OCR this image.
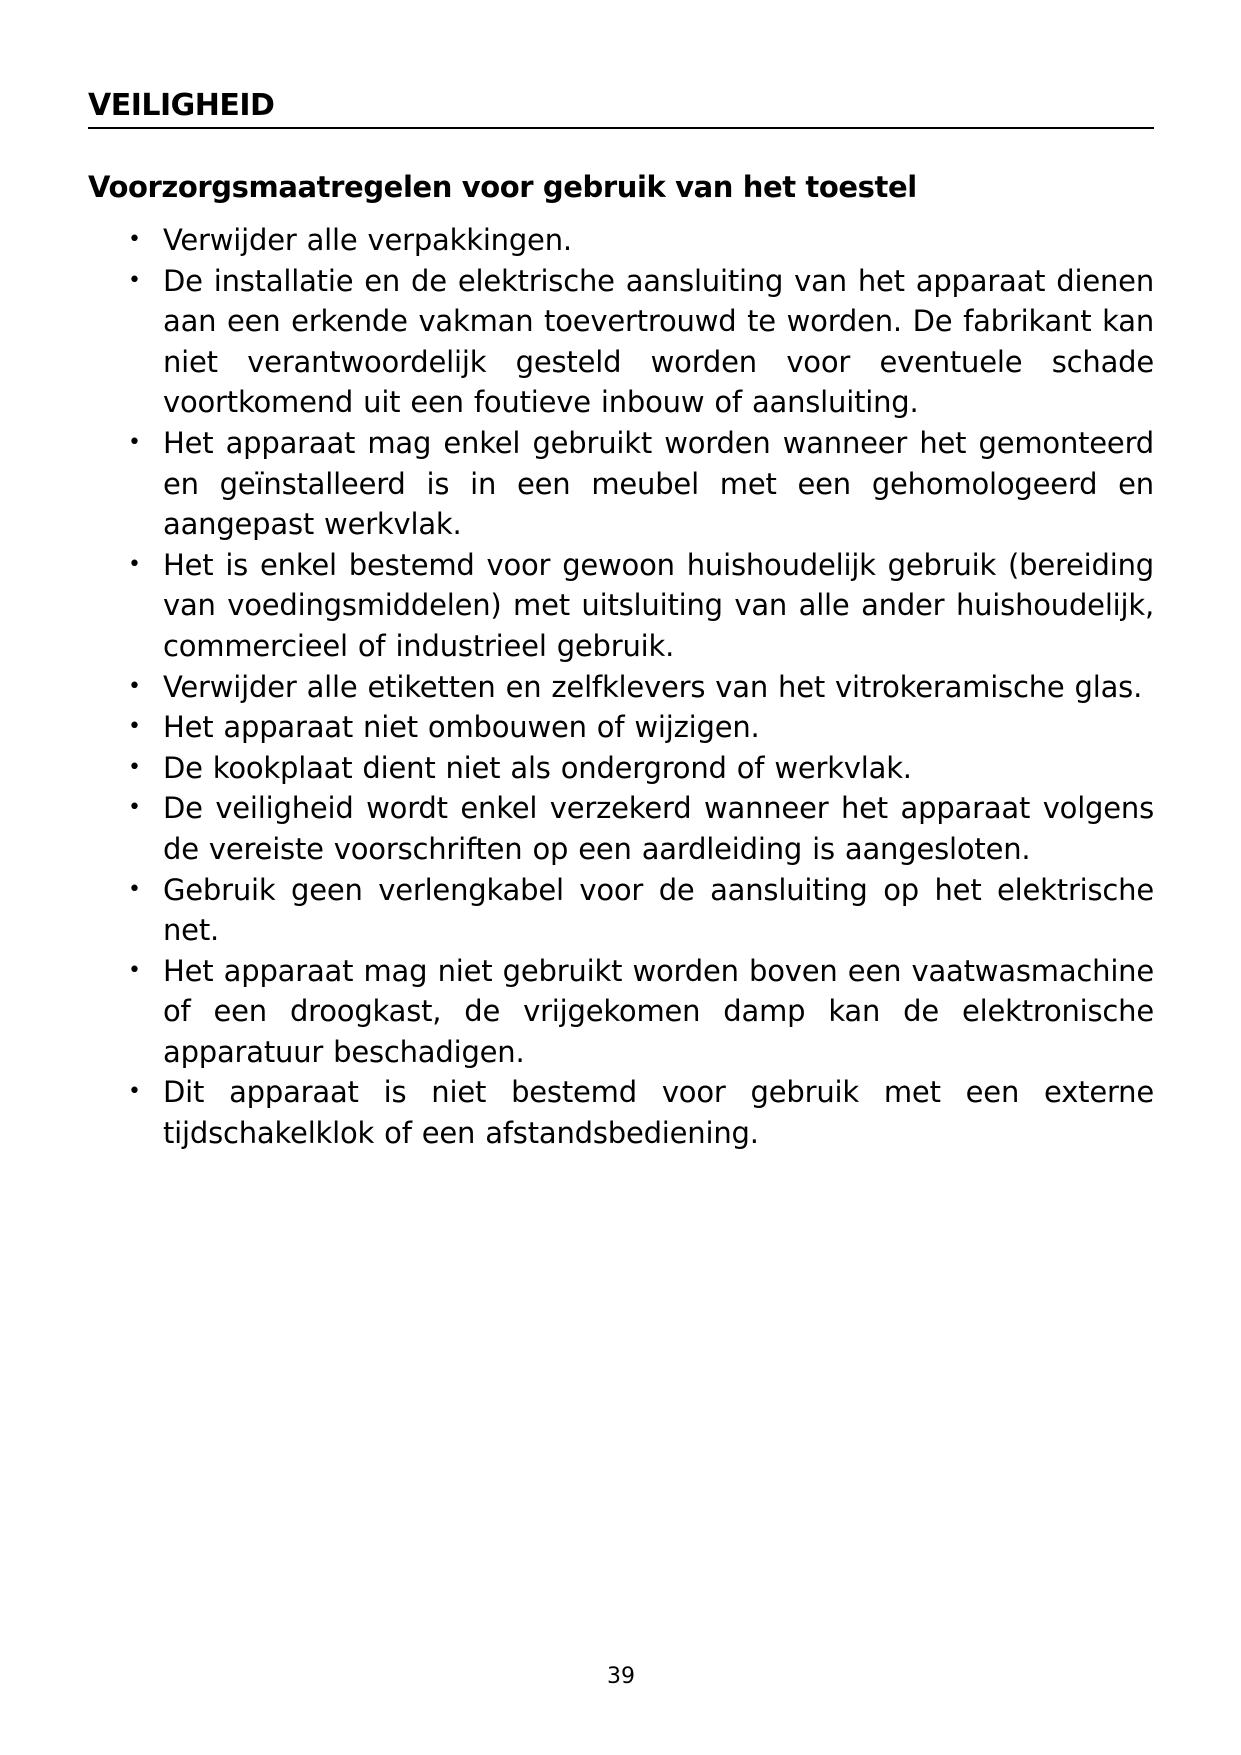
VEILIGHEID
Voorzorgsmaatregelen voor gebruik van het toestel
• Verwijder alle verpakkingen.
• De installatie en de elektrische aansluiting van het apparaat dienen aan een erkende vakman toevertrouwd te worden. De fabrikant kan niet verantwoordelijk gesteld worden voor eventuele schade voortkomend uit een foutieve inbouw of aansluiting.
• Het apparaat mag enkel gebruikt worden wanneer het gemonteerd en geïnstalleerd is in een meubel met een gehomologeerd en aangepast werkvlak.
• Het is enkel bestemd voor gewoon huishoudelijk gebruik (bereiding van voedingsmiddelen) met uitsluiting van alle ander huishoudelijk, commercieel of industrieel gebruik.
• Verwijder alle etiketten en zelfklevers van het vitrokeramische glas.
• Het apparaat niet ombouwen of wijzigen.
• De kookplaat dient niet als ondergrond of werkvlak.
• De veiligheid wordt enkel verzekerd wanneer het apparaat volgens de vereiste voorschriften op een aardleiding is aangesloten.
• Gebruik geen verlengkabel voor de aansluiting op het elektrische net.
• Het apparaat mag niet gebruikt worden boven een vaatwasmachine of een droogkast, de vrijgekomen damp kan de elektronische apparatuur beschadigen.
• Dit apparaat is niet bestemd voor gebruik met een externe tijdschakelklok of een afstandsbediening.
39
